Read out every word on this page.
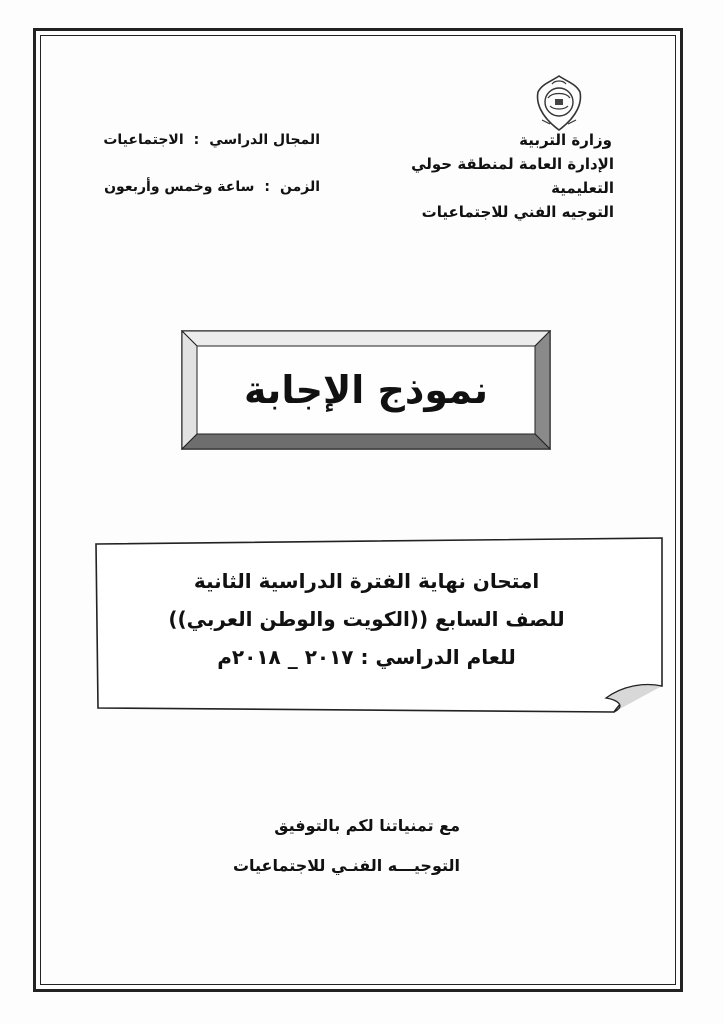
وزارة التربية
الإدارة العامة لمنطقة حولي التعليمية
التوجيه الفني للاجتماعيات
المجال الدراسي
:
الاجتماعيات
الزمن
:
ساعة وخمس وأربعون
نموذج الإجابة
امتحان نهاية الفترة الدراسية الثانية
للصف السابع ((الكويت والوطن العربي))
للعام الدراسي : ٢٠١٧ _ ٢٠١٨م
مع تمنياتنا لكم بالتوفيق
التوجيـــه الفنـي للاجتماعيات
